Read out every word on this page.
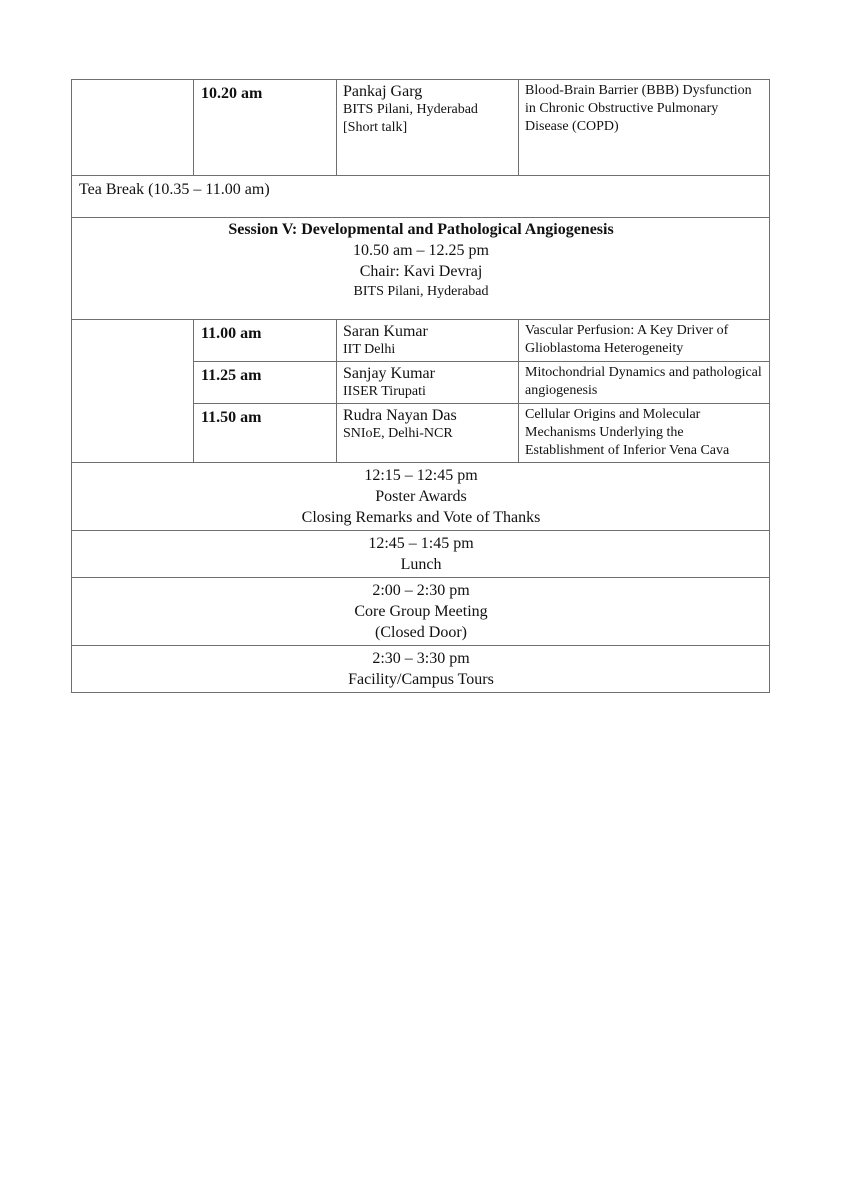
	10.20 am	Pankaj Garg
BITS Pilani, Hyderabad
[Short talk]	Blood-Brain Barrier (BBB) Dysfunction in Chronic Obstructive Pulmonary Disease (COPD)
Tea Break (10.35 – 11.00 am)			

Session V: Developmental and Pathological Angiogenesis
10.50 am – 12.25 pm
Chair: Kavi Devraj
BITS Pilani, Hyderabad			

	11.00 am	Saran Kumar
IIT Delhi	Vascular Perfusion: A Key Driver of Glioblastoma Heterogeneity
	11.25 am	Sanjay Kumar
IISER Tirupati	Mitochondrial Dynamics and pathological angiogenesis
	11.50 am	Rudra Nayan Das
SNIoE, Delhi-NCR	Cellular Origins and Molecular Mechanisms Underlying the Establishment of Inferior Vena Cava

12:15 – 12:45 pm
Poster Awards
Closing Remarks and Vote of Thanks			

12:45 – 1:45 pm
Lunch			

2:00 – 2:30 pm
Core Group Meeting
(Closed Door)			

2:30 – 3:30 pm
Facility/Campus Tours			
